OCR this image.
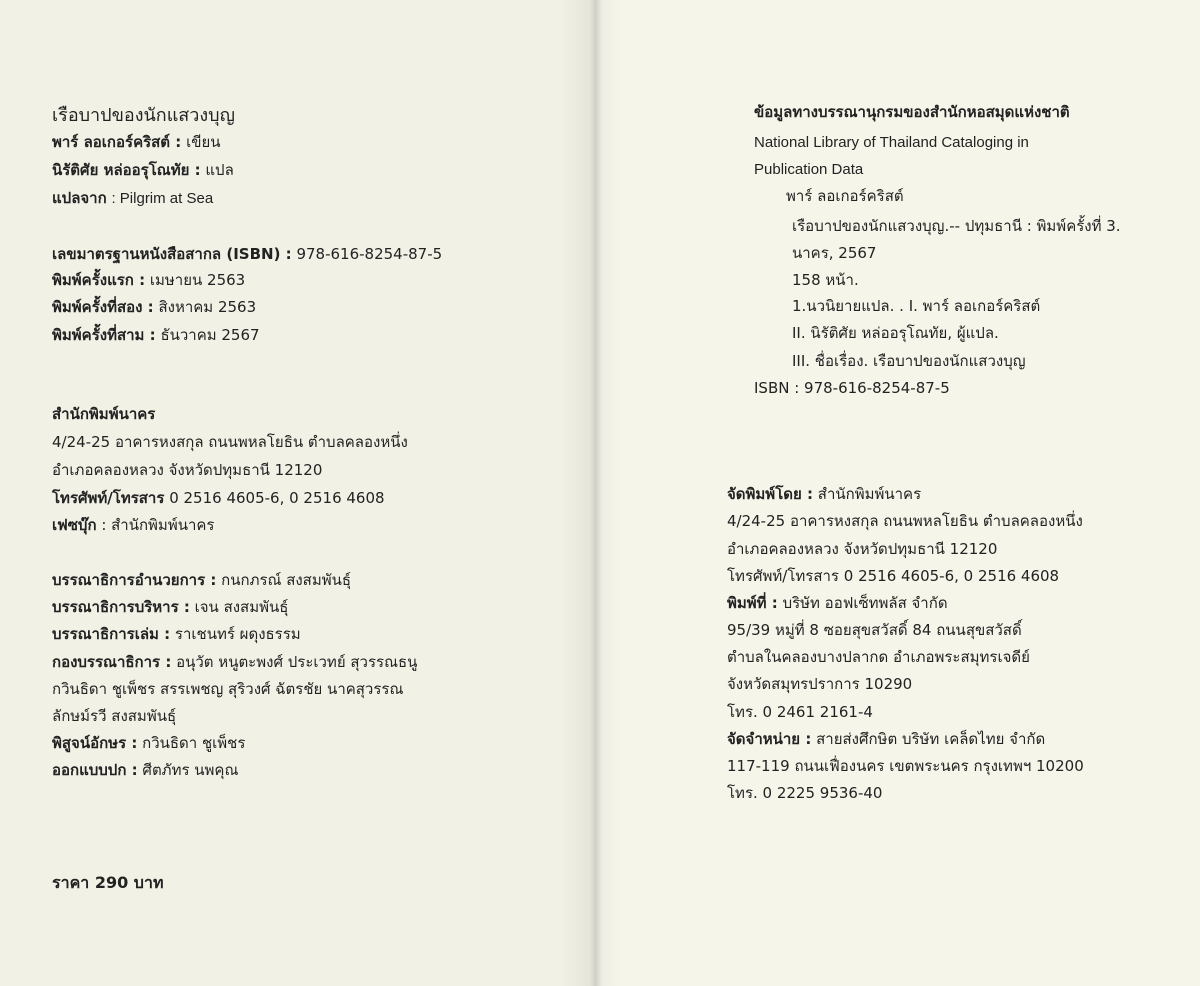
เรือบาปของนักแสวงบุญ
พาร์ ลอเกอร์คริสต์ : เขียน
นิรัติศัย หล่ออรุโณทัย : แปล
แปลจาก : Pilgrim at Sea
เลขมาตรฐานหนังสือสากล (ISBN) : 978-616-8254-87-5
พิมพ์ครั้งแรก : เมษายน 2563
พิมพ์ครั้งที่สอง : สิงหาคม 2563
พิมพ์ครั้งที่สาม : ธันวาคม 2567
สำนักพิมพ์นาคร
4/24-25 อาคารหงสกุล ถนนพหลโยธิน ตำบลคลองหนึ่ง
อำเภอคลองหลวง จังหวัดปทุมธานี 12120
โทรศัพท์/โทรสาร 0 2516 4605-6, 0 2516 4608
เฟซบุ๊ก : สำนักพิมพ์นาคร
บรรณาธิการอำนวยการ : กนกภรณ์ สงสมพันธุ์
บรรณาธิการบริหาร : เจน สงสมพันธุ์
บรรณาธิการเล่ม : ราเชนทร์ ผดุงธรรม
กองบรรณาธิการ : อนุวัต หนูตะพงศ์ ประเวทย์ สุวรรณธนู
กวินธิดา ชูเพ็ชร สรรเพชญ สุริวงศ์ ฉัตรชัย นาคสุวรรณ
ลักษม์รวี สงสมพันธุ์
พิสูจน์อักษร : กวินธิดา ชูเพ็ชร
ออกแบบปก : ศีตภัทร นพคุณ
ราคา 290 บาท
ข้อมูลทางบรรณานุกรมของสำนักหอสมุดแห่งชาติ
National Library of Thailand Cataloging in
Publication Data
พาร์ ลอเกอร์คริสต์
เรือบาปของนักแสวงบุญ.-- ปทุมธานี : พิมพ์ครั้งที่ 3.
นาคร, 2567
158 หน้า.
1.นวนิยายแปล. . I. พาร์ ลอเกอร์คริสต์
II. นิรัติศัย หล่ออรุโณทัย, ผู้แปล.
III. ชื่อเรื่อง. เรือบาปของนักแสวงบุญ
ISBN : 978-616-8254-87-5
จัดพิมพ์โดย : สำนักพิมพ์นาคร
4/24-25 อาคารหงสกุล ถนนพหลโยธิน ตำบลคลองหนึ่ง
อำเภอคลองหลวง จังหวัดปทุมธานี 12120
โทรศัพท์/โทรสาร 0 2516 4605-6, 0 2516 4608
พิมพ์ที่ : บริษัท ออฟเซ็ทพลัส จำกัด
95/39 หมู่ที่ 8 ซอยสุขสวัสดิ์ 84 ถนนสุขสวัสดิ์
ตำบลในคลองบางปลากด อำเภอพระสมุทรเจดีย์
จังหวัดสมุทรปราการ 10290
โทร. 0 2461 2161-4
จัดจำหน่าย : สายส่งศึกษิต บริษัท เคล็ดไทย จำกัด
117-119 ถนนเฟื่องนคร เขตพระนคร กรุงเทพฯ 10200
โทร. 0 2225 9536-40
